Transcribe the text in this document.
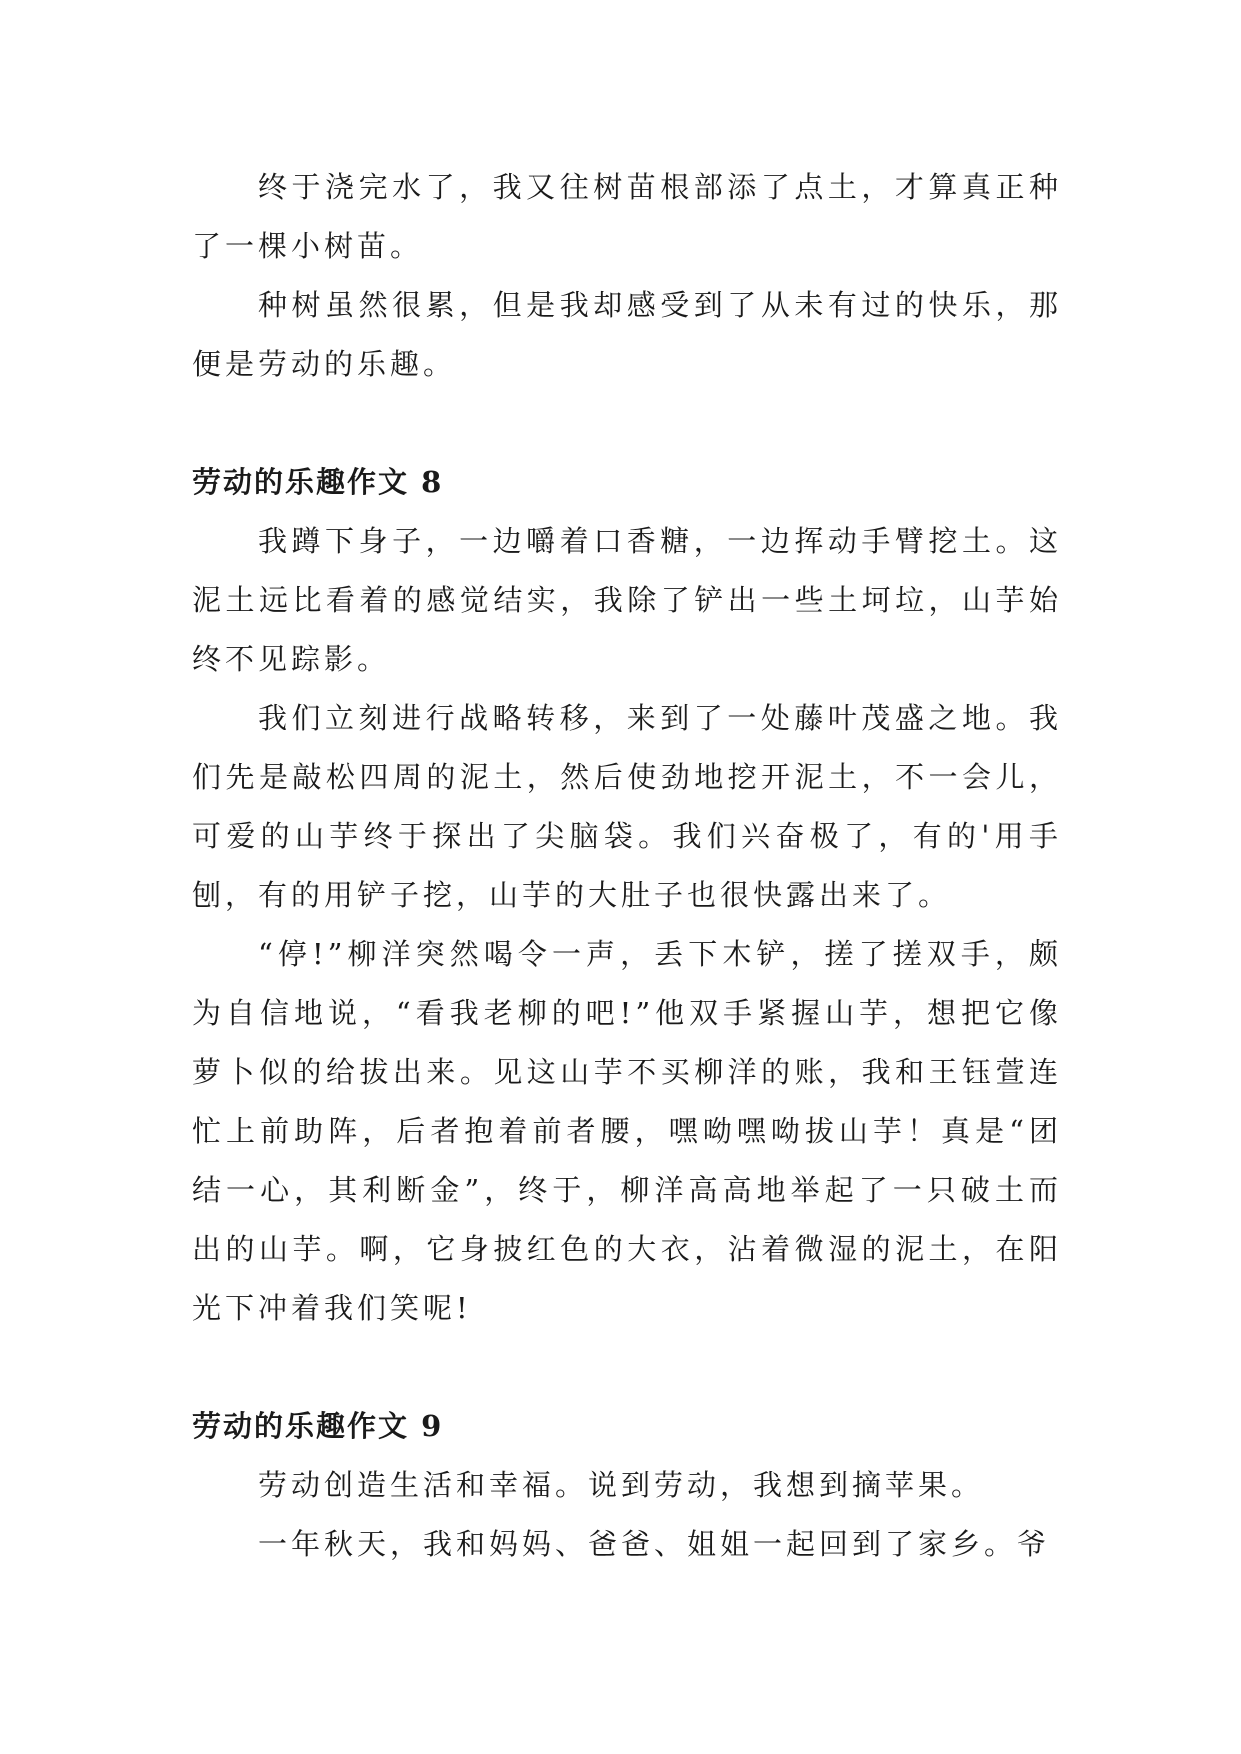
终于浇完水了，我又往树苗根部添了点土，才算真正种了一棵小树苗。

种树虽然很累，但是我却感受到了从未有过的快乐，那便是劳动的乐趣。

劳动的乐趣作文 8

我蹲下身子，一边嚼着口香糖，一边挥动手臂挖土。这泥土远比看着的感觉结实，我除了铲出一些土坷垃，山芋始终不见踪影。

我们立刻进行战略转移，来到了一处藤叶茂盛之地。我们先是敲松四周的泥土，然后使劲地挖开泥土，不一会儿，可爱的山芋终于探出了尖脑袋。我们兴奋极了，有的'用手刨，有的用铲子挖，山芋的大肚子也很快露出来了。

“停!”柳洋突然喝令一声，丢下木铲，搓了搓双手，颇为自信地说，“看我老柳的吧!”他双手紧握山芋，想把它像萝卜似的给拔出来。见这山芋不买柳洋的账，我和王钰萱连忙上前助阵，后者抱着前者腰，嘿呦嘿呦拔山芋！真是“团结一心，其利断金”，终于，柳洋高高地举起了一只破土而出的山芋。啊，它身披红色的大衣，沾着微湿的泥土，在阳光下冲着我们笑呢!

劳动的乐趣作文 9

劳动创造生活和幸福。说到劳动，我想到摘苹果。

一年秋天，我和妈妈、爸爸、姐姐一起回到了家乡。爷
